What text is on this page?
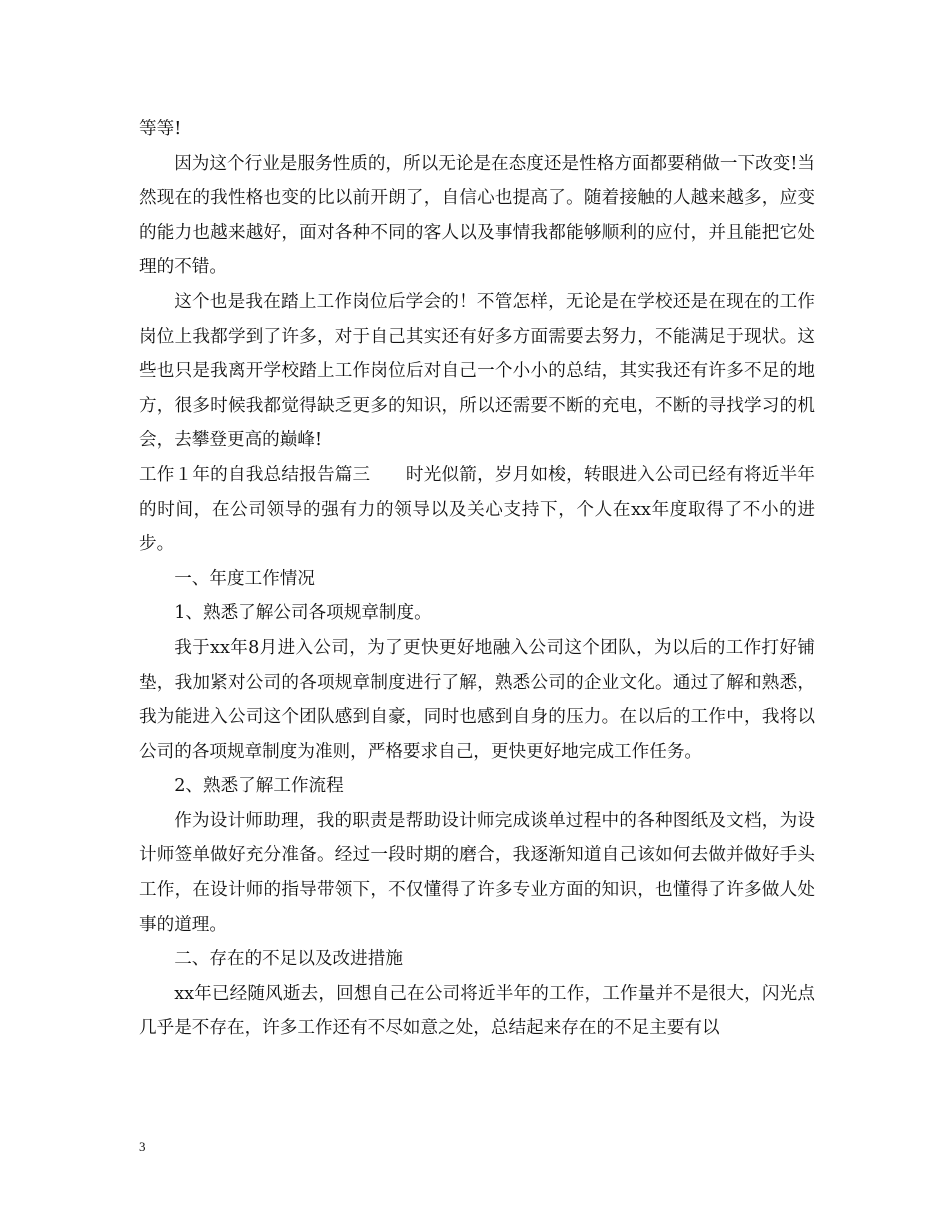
等等!

因为这个行业是服务性质的，所以无论是在态度还是性格方面都要稍做一下改变!当然现在的我性格也变的比以前开朗了，自信心也提高了。随着接触的人越来越多，应变的能力也越来越好，面对各种不同的客人以及事情我都能够顺利的应付，并且能把它处理的不错。

这个也是我在踏上工作岗位后学会的！不管怎样，无论是在学校还是在现在的工作岗位上我都学到了许多，对于自己其实还有好多方面需要去努力，不能满足于现状。这些也只是我离开学校踏上工作岗位后对自己一个小小的总结，其实我还有许多不足的地方，很多时候我都觉得缺乏更多的知识，所以还需要不断的充电，不断的寻找学习的机会，去攀登更高的巅峰!

工作１年的自我总结报告篇三　　时光似箭，岁月如梭，转眼进入公司已经有将近半年的时间，在公司领导的强有力的领导以及关心支持下，个人在xx年度取得了不小的进步。

一、年度工作情况

1、熟悉了解公司各项规章制度。

我于xx年8月进入公司，为了更快更好地融入公司这个团队，为以后的工作打好铺垫，我加紧对公司的各项规章制度进行了解，熟悉公司的企业文化。通过了解和熟悉，我为能进入公司这个团队感到自豪，同时也感到自身的压力。在以后的工作中，我将以公司的各项规章制度为准则，严格要求自己，更快更好地完成工作任务。

2、熟悉了解工作流程

作为设计师助理，我的职责是帮助设计师完成谈单过程中的各种图纸及文档，为设计师签单做好充分准备。经过一段时期的磨合，我逐渐知道自己该如何去做并做好手头工作，在设计师的指导带领下，不仅懂得了许多专业方面的知识，也懂得了许多做人处事的道理。

二、存在的不足以及改进措施

xx年已经随风逝去，回想自己在公司将近半年的工作，工作量并不是很大，闪光点几乎是不存在，许多工作还有不尽如意之处，总结起来存在的不足主要有以

3
